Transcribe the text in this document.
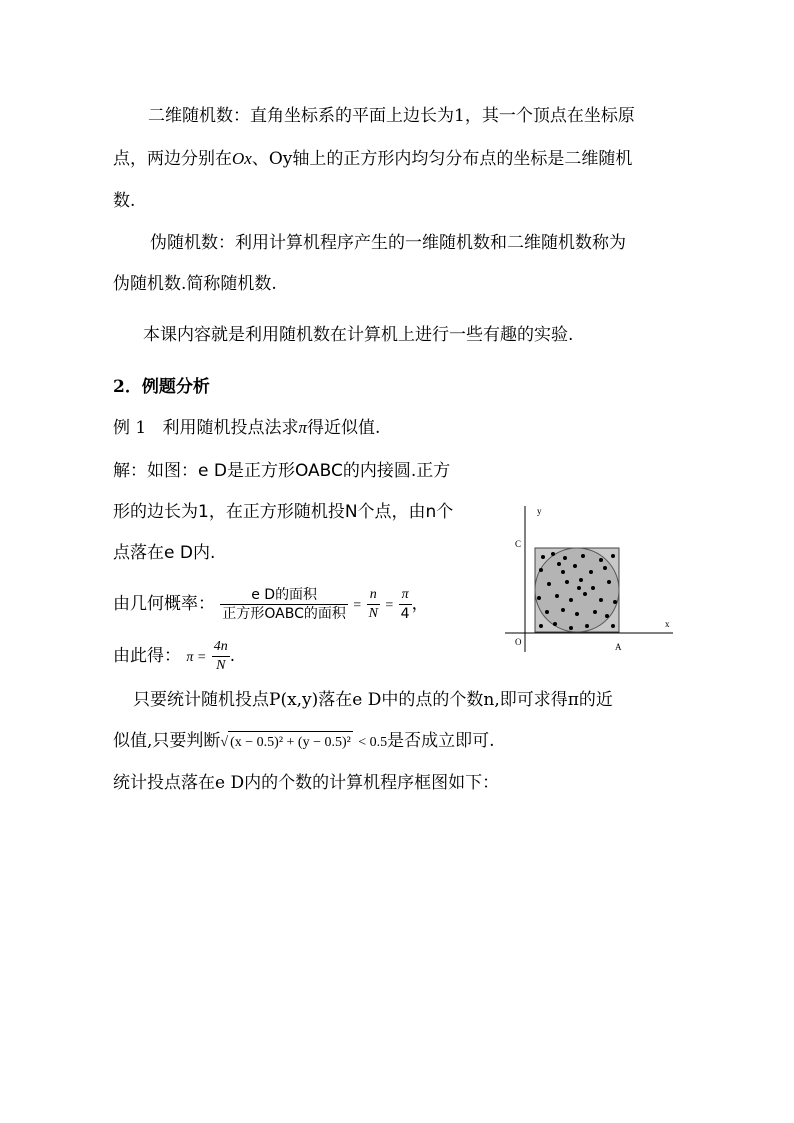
二维随机数：直角坐标系的平面上边长为1，其一个顶点在坐标原
点，两边分别在Ox、Oy轴上的正方形内均匀分布点的坐标是二维随机
数.
伪随机数：利用计算机程序产生的一维随机数和二维随机数称为
伪随机数.简称随机数.
本课内容就是利用随机数在计算机上进行一些有趣的实验.
2．例题分析
例 1 利用随机投点法求π得近似值.
解：如图：e D是正方形OABC的内接圆.正方
形的边长为1，在正方形随机投N个点，由n个
点落在e D内.
由几何概率： $\frac{\text{e D的面积}}{\text{正方形OABC的面积}} = \frac{n}{N} = \frac{\pi}{4}$ ，
由此得： $\pi = \frac{4n}{N}$ .
只要统计随机投点P(x,y)落在e D中的点的个数n,即可求得π的近
似值,只要判断√ (x − 0.5)² + (y − 0.5)² < 0.5是否成立即可.
统计投点落在e D内的个数的计算机程序框图如下：
y
x
C
O	A
